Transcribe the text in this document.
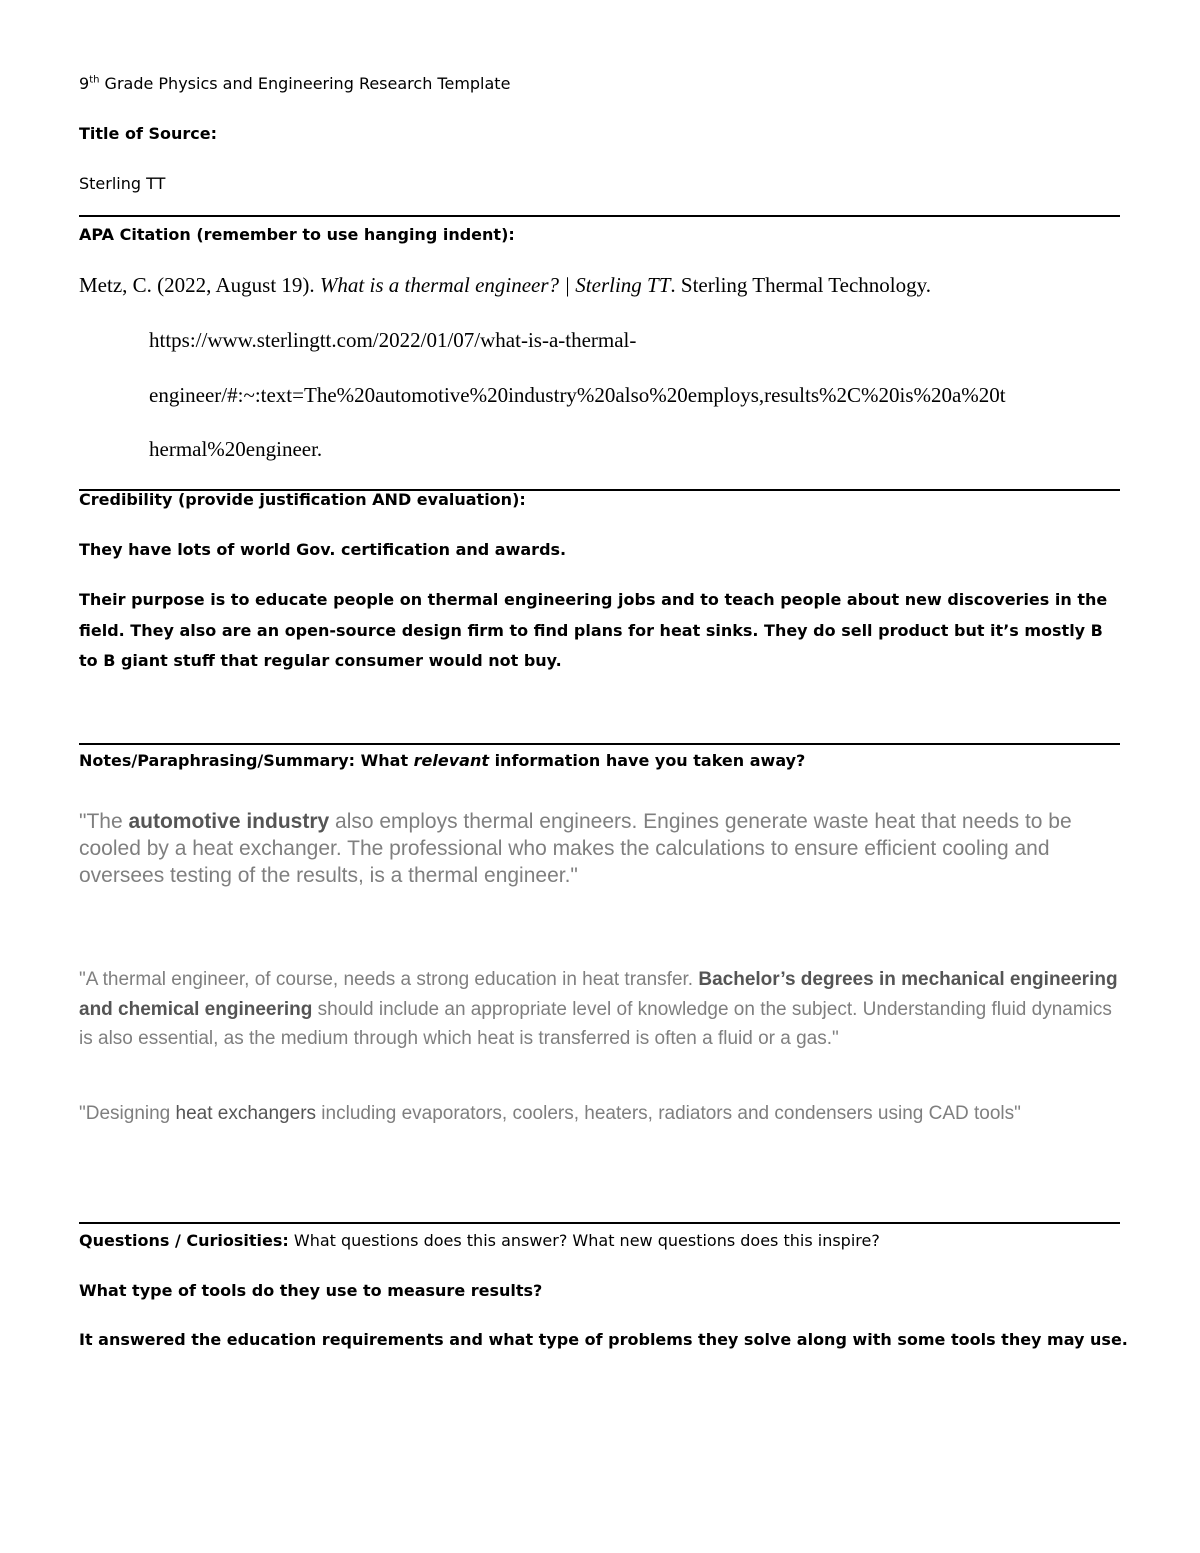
9th Grade Physics and Engineering Research Template
Title of Source:
Sterling TT
APA Citation (remember to use hanging indent):
Metz, C. (2022, August 19). What is a thermal engineer? | Sterling TT. Sterling Thermal Technology.
https://www.sterlingtt.com/2022/01/07/what-is-a-thermal-
engineer/#:~:text=The%20automotive%20industry%20also%20employs,results%2C%20is%20a%20t
hermal%20engineer.
Credibility (provide justification AND evaluation):
They have lots of world Gov. certification and awards.
Their purpose is to educate people on thermal engineering jobs and to teach people about new discoveries in the field. They also are an open-source design firm to find plans for heat sinks. They do sell product but it’s mostly B to B giant stuff that regular consumer would not buy.
Notes/Paraphrasing/Summary: What relevant information have you taken away?
"The automotive industry also employs thermal engineers. Engines generate waste heat that needs to be cooled by a heat exchanger. The professional who makes the calculations to ensure efficient cooling and oversees testing of the results, is a thermal engineer."
"A thermal engineer, of course, needs a strong education in heat transfer. Bachelor’s degrees in mechanical engineering and chemical engineering should include an appropriate level of knowledge on the subject. Understanding fluid dynamics is also essential, as the medium through which heat is transferred is often a fluid or a gas."
"Designing heat exchangers including evaporators, coolers, heaters, radiators and condensers using CAD tools"
Questions / Curiosities: What questions does this answer? What new questions does this inspire?
What type of tools do they use to measure results?
It answered the education requirements and what type of problems they solve along with some tools they may use.
